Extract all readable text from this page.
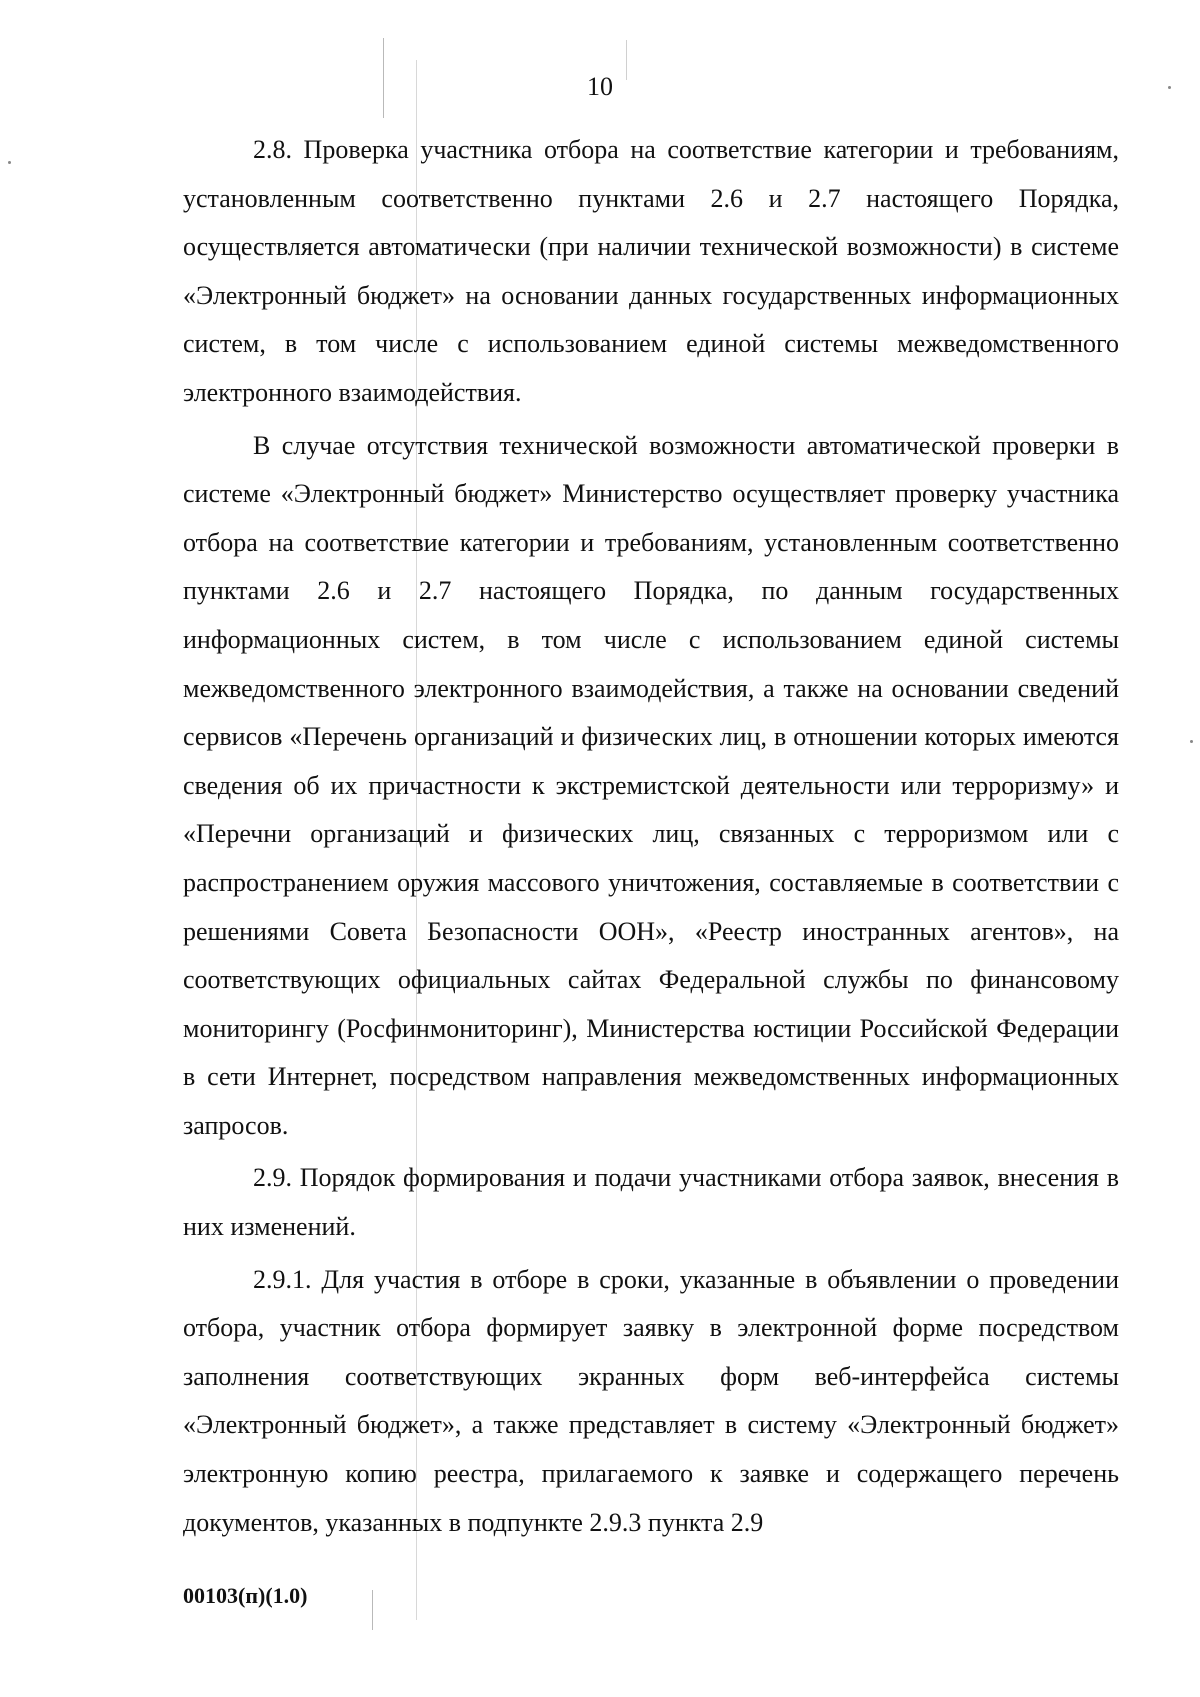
10

2.8. Проверка участника отбора на соответствие категории и требованиям, установленным соответственно пунктами 2.6 и 2.7 настоящего Порядка, осуществляется автоматически (при наличии технической возможности) в системе «Электронный бюджет» на основании данных государственных информационных систем, в том числе с использованием единой системы межведомственного электронного взаимодействия.

В случае отсутствия технической возможности автоматической проверки в системе «Электронный бюджет» Министерство осуществляет проверку участника отбора на соответствие категории и требованиям, установленным соответственно пунктами 2.6 и 2.7 настоящего Порядка, по данным государственных информационных систем, в том числе с использованием единой системы межведомственного электронного взаимодействия, а также на основании сведений сервисов «Перечень организаций и физических лиц, в отношении которых имеются сведения об их причастности к экстремистской деятельности или терроризму» и «Перечни организаций и физических лиц, связанных с терроризмом или с распространением оружия массового уничтожения, составляемые в соответствии с решениями Совета Безопасности ООН», «Реестр иностранных агентов», на соответствующих официальных сайтах Федеральной службы по финансовому мониторингу (Росфинмониторинг), Министерства юстиции Российской Федерации в сети Интернет, посредством направления межведомственных информационных запросов.

2.9. Порядок формирования и подачи участниками отбора заявок, внесения в них изменений.

2.9.1. Для участия в отборе в сроки, указанные в объявлении о проведении отбора, участник отбора формирует заявку в электронной форме посредством заполнения соответствующих экранных форм веб-интерфейса системы «Электронный бюджет», а также представляет в систему «Электронный бюджет» электронную копию реестра, прилагаемого к заявке и содержащего перечень документов, указанных в подпункте 2.9.3 пункта 2.9

00103(п)(1.0)
